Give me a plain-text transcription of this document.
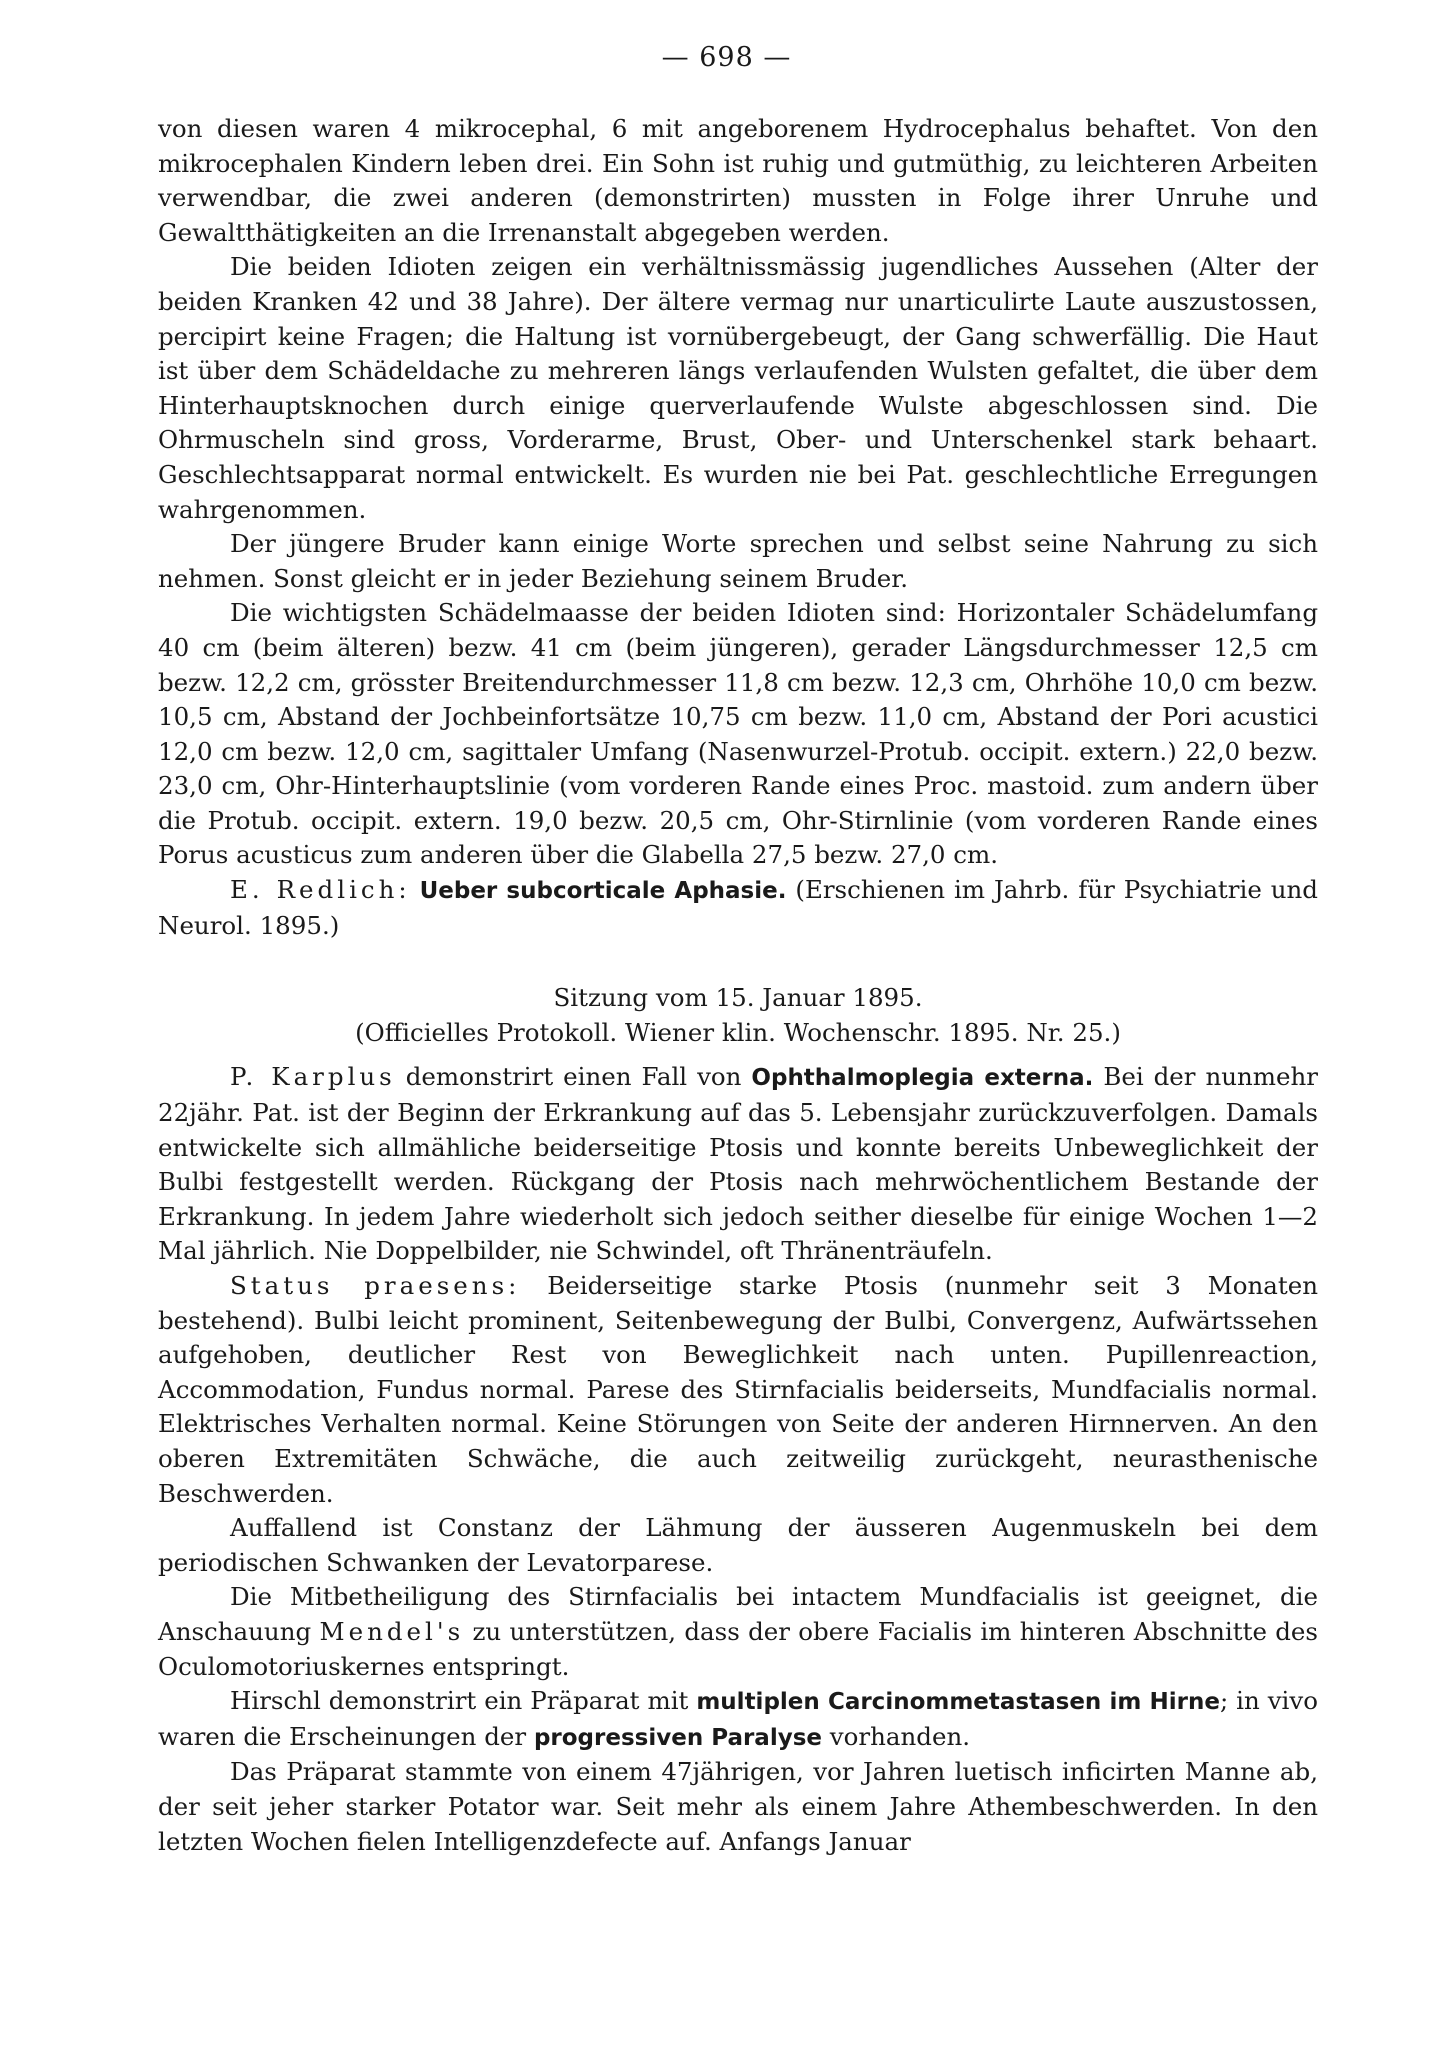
— 698 —

von diesen waren 4 mikrocephal, 6 mit angeborenem Hydrocephalus behaftet. Von den mikrocephalen Kindern leben drei. Ein Sohn ist ruhig und gutmüthig, zu leichteren Arbeiten verwendbar, die zwei anderen (demonstrirten) mussten in Folge ihrer Unruhe und Gewaltthätigkeiten an die Irrenanstalt abgegeben werden.

Die beiden Idioten zeigen ein verhältnissmässig jugendliches Aussehen (Alter der beiden Kranken 42 und 38 Jahre). Der ältere vermag nur unarticulirte Laute auszustossen, percipirt keine Fragen; die Haltung ist vornübergebeugt, der Gang schwerfällig. Die Haut ist über dem Schädeldache zu mehreren längs verlaufenden Wulsten gefaltet, die über dem Hinterhauptsknochen durch einige querverlaufende Wulste abgeschlossen sind. Die Ohrmuscheln sind gross, Vorderarme, Brust, Ober- und Unterschenkel stark behaart. Geschlechtsapparat normal entwickelt. Es wurden nie bei Pat. geschlechtliche Erregungen wahrgenommen.

Der jüngere Bruder kann einige Worte sprechen und selbst seine Nahrung zu sich nehmen. Sonst gleicht er in jeder Beziehung seinem Bruder.

Die wichtigsten Schädelmaasse der beiden Idioten sind: Horizontaler Schädelumfang 40 cm (beim älteren) bezw. 41 cm (beim jüngeren), gerader Längsdurchmesser 12,5 cm bezw. 12,2 cm, grösster Breitendurchmesser 11,8 cm bezw. 12,3 cm, Ohrhöhe 10,0 cm bezw. 10,5 cm, Abstand der Jochbeinfortsätze 10,75 cm bezw. 11,0 cm, Abstand der Pori acustici 12,0 cm bezw. 12,0 cm, sagittaler Umfang (Nasenwurzel-Protub. occipit. extern.) 22,0 bezw. 23,0 cm, Ohr-Hinterhauptslinie (vom vorderen Rande eines Proc. mastoid. zum andern über die Protub. occipit. extern. 19,0 bezw. 20,5 cm, Ohr-Stirnlinie (vom vorderen Rande eines Porus acusticus zum anderen über die Glabella 27,5 bezw. 27,0 cm.

E. Redlich: Ueber subcorticale Aphasie. (Erschienen im Jahrb. für Psychiatrie und Neurol. 1895.)

Sitzung vom 15. Januar 1895.

(Officielles Protokoll. Wiener klin. Wochenschr. 1895. Nr. 25.)

P. Karplus demonstrirt einen Fall von Ophthalmoplegia externa. Bei der nunmehr 22jähr. Pat. ist der Beginn der Erkrankung auf das 5. Lebensjahr zurückzuverfolgen. Damals entwickelte sich allmähliche beiderseitige Ptosis und konnte bereits Unbeweglichkeit der Bulbi festgestellt werden. Rückgang der Ptosis nach mehrwöchentlichem Bestande der Erkrankung. In jedem Jahre wiederholt sich jedoch seither dieselbe für einige Wochen 1—2 Mal jährlich. Nie Doppelbilder, nie Schwindel, oft Thränenträufeln.

Status praesens: Beiderseitige starke Ptosis (nunmehr seit 3 Monaten bestehend). Bulbi leicht prominent, Seitenbewegung der Bulbi, Convergenz, Aufwärtssehen aufgehoben, deutlicher Rest von Beweglichkeit nach unten. Pupillenreaction, Accommodation, Fundus normal. Parese des Stirnfacialis beiderseits, Mundfacialis normal. Elektrisches Verhalten normal. Keine Störungen von Seite der anderen Hirnnerven. An den oberen Extremitäten Schwäche, die auch zeitweilig zurückgeht, neurasthenische Beschwerden.

Auffallend ist Constanz der Lähmung der äusseren Augenmuskeln bei dem periodischen Schwanken der Levatorparese.

Die Mitbetheiligung des Stirnfacialis bei intactem Mundfacialis ist geeignet, die Anschauung Mendel's zu unterstützen, dass der obere Facialis im hinteren Abschnitte des Oculomotoriuskernes entspringt.

Hirschl demonstrirt ein Präparat mit multiplen Carcinommetastasen im Hirne; in vivo waren die Erscheinungen der progressiven Paralyse vorhanden.

Das Präparat stammte von einem 47jährigen, vor Jahren luetisch inficirten Manne ab, der seit jeher starker Potator war. Seit mehr als einem Jahre Athembeschwerden. In den letzten Wochen fielen Intelligenzdefecte auf. Anfangs Januar
